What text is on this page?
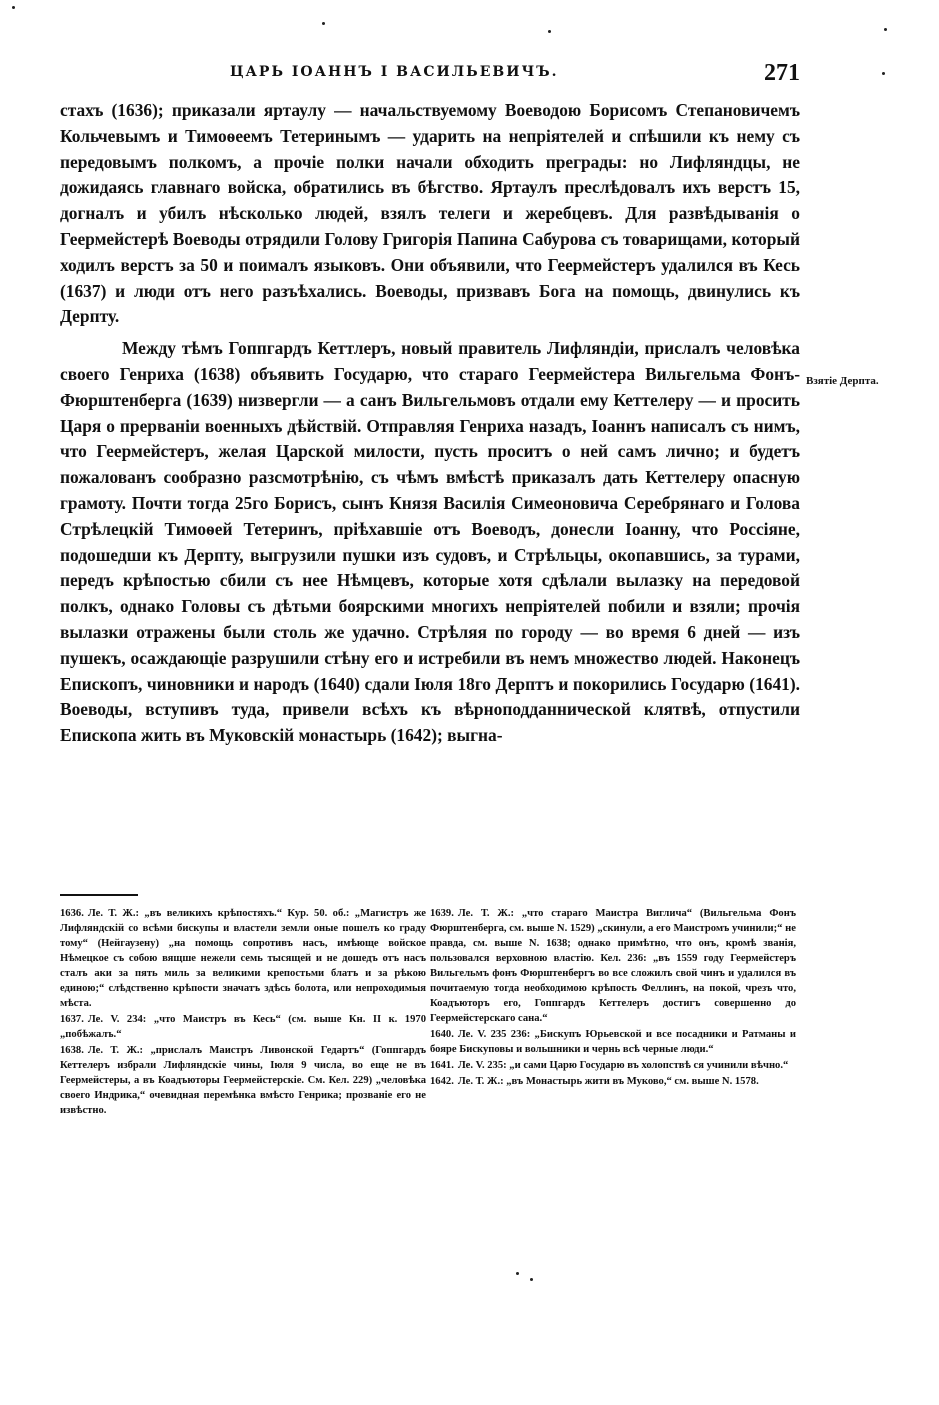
ЦАРЬ IОАННЪ I ВАСИЛЬЕВИЧЪ.	271

стахъ (1636); приказали яртаулу — начальствуемому Воеводою Борисомъ Степановичемъ Кольчевымъ и Тимоѳеемъ Тетеринымъ — ударить на непріятелей и спѣшили къ нему съ передовымъ полкомъ, а прочіе полки начали обходить преграды: но Лифляндцы, не дожидаясь главнаго войска, обратились въ бѣгство. Яртаулъ преслѣдовалъ ихъ верстъ 15, догналъ и убилъ нѣсколько людей, взялъ телеги и жеребцевъ. Для развѣдыванія о Геермейстерѣ Воеводы отрядили Голову Григорія Папина Сабурова съ товарищами, который ходилъ верстъ за 50 и поималъ языковъ. Они объявили, что Геермейстеръ удалился въ Кесь (1637) и люди отъ него разъѣхались. Воеводы, призвавъ Бога на помощь, двинулись къ Дерпту.

Между тѣмъ Гоппгардъ Кеттлеръ, новый правитель Лифляндіи, прислалъ человѣка своего Генриха (1638) объявить Государю, что стараго Геермейстера Вильгельма Фонъ-Фюрштенберга (1639) низвергли — а санъ Вильгельмовъ отдали ему Кеттелеру — и просить Царя о прерваніи военныхъ дѣйствій. Отправляя Генриха назадъ, Іоаннъ написалъ съ нимъ, что Геермейстеръ, желая Царской милости, пусть проситъ о ней самъ лично; и будетъ пожалованъ сообразно разсмотрѣнію, съ чѣмъ вмѣстѣ приказалъ дать Кеттелеру опасную грамоту. Почти тогда 25го Борисъ, сынъ Князя Василія Симеоновича Серебрянаго и Голова Стрѣлецкій Тимоѳей Тетеринъ, пріѣхавшіе отъ Воеводъ, донесли Іоанну, что Россіяне, подошедши къ Дерпту, выгрузили пушки изъ судовъ, и Стрѣльцы, окопавшись, за турами, передъ крѣпостью сбили съ нее Нѣмцевъ, которые хотя сдѣлали вылазку на передовой полкъ, однако Головы съ дѣтьми боярскими многихъ непріятелей побили и взяли; прочія вылазки отражены были столь же удачно. Стрѣляя по городу — во время 6 дней — изъ пушекъ, осаждающіе разрушили стѣну его и истребили въ немъ множество людей. Наконецъ Епископъ, чиновники и народъ (1640) сдали Іюля 18го Дерптъ и покорились Государю (1641). Воеводы, вступивъ туда, привели всѣхъ къ вѣрноподданнической клятвѣ, отпустили Епископа жить въ Муковскій монастырь (1642); выгна-

Взятіе Дерпта.

1636. Ле. Т. Ж.: „въ великихъ крѣпостяхъ.“ Кур. 50. об.: „Магистръ же Лифляндскій со всѣми бискупы и властели земли оные пошелъ ко граду тому“ (Нейгаузену) „на помощь сопротивъ насъ, имѣюще войское Нѣмецкое съ собою вящше нежели семь тысящей и не дошедъ отъ насъ сталъ аки за пять миль за великими крепостьми блатъ и за рѣкою единою;“ слѣдственно крѣпости значатъ здѣсь болота, или непроходимыя мѣста.

1637. Ле. V. 234: „что Маистръ въ Кесь“ (см. выше Кн. II к. 1970 „побѣжалъ.“

1638. Ле. Т. Ж.: „прислалъ Маистръ Ливонской Гедартъ“ (Гоппгардъ Кеттелеръ избрали Лифляндскіе чины, Іюля 9 числа, во еще не въ Геермейстеры, а въ Коадъюторы Геермейстерскіе. См. Кел. 229) „человѣка своего Индрика,“ очевидная перемѣнка вмѣсто Генрика; прозваніе его не извѣстно.

1639. Ле. Т. Ж.: „что стараго Маистра Виглича“ (Вильгельма Фонъ Фюрштенберга, см. выше N. 1529) „скинули, а его Маистромъ учинили;“ не правда, см. выше N. 1638; однако примѣтно, что онъ, кромѣ званія, пользовался верховною властію. Кел. 236: „въ 1559 году Геермейстеръ Вильгельмъ фонъ Фюрштенбергъ во все сложилъ свой чинъ и удалился въ почитаемую тогда необходимою крѣпость Феллинъ, на покой, чрезъ что, Коадъюторъ его, Гоппгардъ Кеттелеръ достигъ совершенно до Геермейстерскаго сана.“

1640. Ле. V. 235 236: „Бискупъ Юрьевской и все посадники и Ратманы и бояре Бискуповы и вольшники и чернь всѣ черные люди.“

1641. Ле. V. 235: „и сами Царю Государю въ холопствѣ ся учинили вѣчно.“

1642. Ле. Т. Ж.: „въ Монастырь жити въ Муково,“ см. выше N. 1578.
